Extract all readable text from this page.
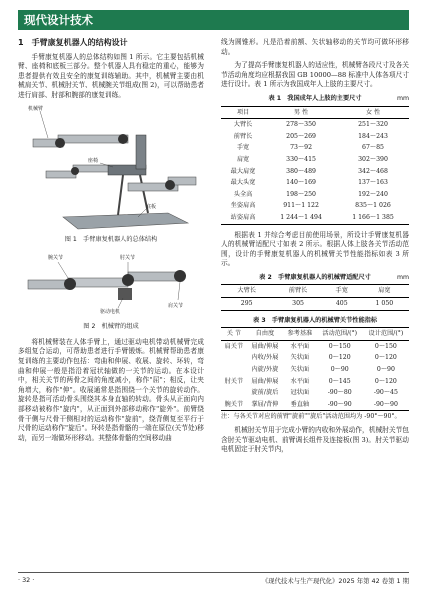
现代设计技术
1　手臂康复机器人的结构设计

手臂康复机器人的总体结构如图 1 所示。它主要包括机械臂、座椅和底板三部分。整个机器人具有稳定的重心，能够为患者提供有效且安全的康复训练辅助。其中，机械臂主要由机械肩关节、机械肘关节、机械腕关节组成(图 2)，可以帮助患者进行肩部、肘部和腕部的康复训练。

机械臂
座椅
底板
图 1　手臂康复机器人的总体结构
腕关节	肘关节
驱动电机
肩关节
图 2　机械臂的组成

将机械臂装在人体手臂上，通过驱动电机带动机械臂完成多组复合运动，可帮助患者进行手臂锻炼。机械臂帮助患者康复训练的主要动作包括：弯曲和伸展、收展、旋转、环转，弯曲和伸展一般是指沿着冠状轴做的一关节的运动。在本设计中，相关关节的两骨之间的角度减小，称作"屈"；相反，让夹角增大，称作"伸"。收展通常是指围绕一个关节的旋转动作。旋转是指可活动骨头围绕其本身直轴的转动。骨头从正面向内部移动被称作"旋内"，从正面到外部移动称作"旋外"。前臂绕骨干侧与尺骨干侧相对的运动称作"旋前"，绕背侧复至平行于尺骨的运动称作"旋后"。环转是指骨骼的一端在原位(关节处)移动，而另一端做环形移动。其整体骨骼的空间移动曲

线为圆锥形。凡是沿着前额、矢状轴移动的关节均可做环形移动。

为了提高手臂康复机器人的适应性，机械臂各段尺寸及各关节活动角度均应根据我国 GB 10000—88 标准中人体各项尺寸进行设计。表 1 所示为我国成年人上肢的主要尺寸。

表 1　我国成年人上肢的主要尺寸	mm
项目	男 性	女 性
大臂长	278～350	251～320
前臂长	205～269	184～243
手宽	73～92	67～85
肩宽	330～415	302～390
最大肩宽	380～489	342～468
最大头宽	140～169	137～163
头全高	198～250	192～240
坐姿肩高	911～1 122	835～1 026
站姿肩高	1 244～1 494	1 166～1 385

根据表 1 并综合考虑目前使用场景，所设计手臂康复机器人的机械臂适配尺寸如表 2 所示。根据人体上肢各关节活动范围，设计的手臂康复机器人的机械臂关节性能指标如表 3 所示。

表 2　手臂康复机器人的机械臂适配尺寸	mm
大臂长	前臂长	手宽	肩宽
295	305	405	1 050
表 3　手臂康复机器人的机械臂关节性能指标
关 节	自由度	参考基准	活动范围/(°)	设计范围/(°)
肩关节	屈曲/伸展	水平面	0～150	0～150
	内收/外展	矢状面	0～120	0～120
	内旋/外旋	矢状面	0～90	0～90
肘关节	屈曲/伸展	水平面	0～145	0～120
	旋前/旋后	冠状面	-90～80	-90～45
腕关节	掌屈/背伸	垂直轴	-90～90	-90～90
注：与各关节对应的前臂"旋前""旋后"活动范围均为 -90°～90°。

机械肘关节用于完成小臂的内收和外展动作，机械肘关节包含肘关节驱动电机、前臂调长组件及连接板(图 3)。肘关节驱动电机固定于肘关节内，

· 32 ·	《现代技术与生产现代化》2025 年第 42 卷第 1 期
